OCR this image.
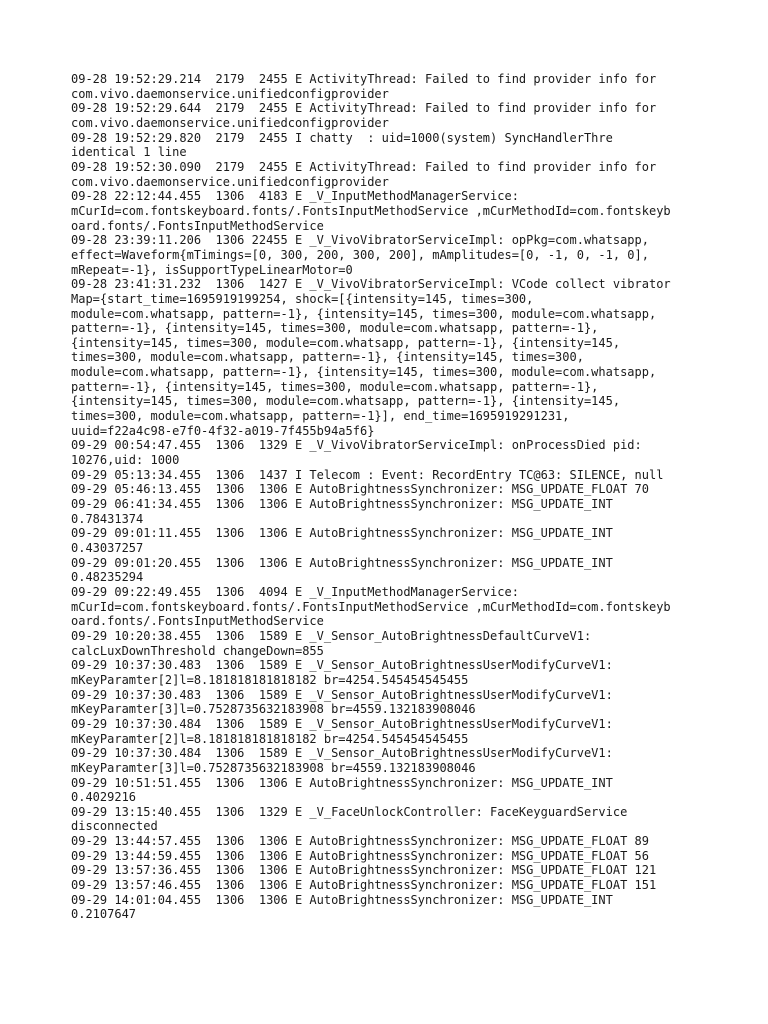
09-28 19:52:29.214  2179  2455 E ActivityThread: Failed to find provider info for
com.vivo.daemonservice.unifiedconfigprovider
09-28 19:52:29.644  2179  2455 E ActivityThread: Failed to find provider info for
com.vivo.daemonservice.unifiedconfigprovider
09-28 19:52:29.820  2179  2455 I chatty  : uid=1000(system) SyncHandlerThre
identical 1 line
09-28 19:52:30.090  2179  2455 E ActivityThread: Failed to find provider info for
com.vivo.daemonservice.unifiedconfigprovider
09-28 22:12:44.455  1306  4183 E _V_InputMethodManagerService:
mCurId=com.fontskeyboard.fonts/.FontsInputMethodService ,mCurMethodId=com.fontskeyb
oard.fonts/.FontsInputMethodService
09-28 23:39:11.206  1306 22455 E _V_VivoVibratorServiceImpl: opPkg=com.whatsapp,
effect=Waveform{mTimings=[0, 300, 200, 300, 200], mAmplitudes=[0, -1, 0, -1, 0],
mRepeat=-1}, isSupportTypeLinearMotor=0
09-28 23:41:31.232  1306  1427 E _V_VivoVibratorServiceImpl: VCode collect vibrator
Map={start_time=1695919199254, shock=[{intensity=145, times=300,
module=com.whatsapp, pattern=-1}, {intensity=145, times=300, module=com.whatsapp,
pattern=-1}, {intensity=145, times=300, module=com.whatsapp, pattern=-1},
{intensity=145, times=300, module=com.whatsapp, pattern=-1}, {intensity=145,
times=300, module=com.whatsapp, pattern=-1}, {intensity=145, times=300,
module=com.whatsapp, pattern=-1}, {intensity=145, times=300, module=com.whatsapp,
pattern=-1}, {intensity=145, times=300, module=com.whatsapp, pattern=-1},
{intensity=145, times=300, module=com.whatsapp, pattern=-1}, {intensity=145,
times=300, module=com.whatsapp, pattern=-1}], end_time=1695919291231,
uuid=f22a4c98-e7f0-4f32-a019-7f455b94a5f6}
09-29 00:54:47.455  1306  1329 E _V_VivoVibratorServiceImpl: onProcessDied pid:
10276,uid: 1000
09-29 05:13:34.455  1306  1437 I Telecom : Event: RecordEntry TC@63: SILENCE, null
09-29 05:46:13.455  1306  1306 E AutoBrightnessSynchronizer: MSG_UPDATE_FLOAT 70
09-29 06:41:34.455  1306  1306 E AutoBrightnessSynchronizer: MSG_UPDATE_INT
0.78431374
09-29 09:01:11.455  1306  1306 E AutoBrightnessSynchronizer: MSG_UPDATE_INT
0.43037257
09-29 09:01:20.455  1306  1306 E AutoBrightnessSynchronizer: MSG_UPDATE_INT
0.48235294
09-29 09:22:49.455  1306  4094 E _V_InputMethodManagerService:
mCurId=com.fontskeyboard.fonts/.FontsInputMethodService ,mCurMethodId=com.fontskeyb
oard.fonts/.FontsInputMethodService
09-29 10:20:38.455  1306  1589 E _V_Sensor_AutoBrightnessDefaultCurveV1:
calcLuxDownThreshold changeDown=855
09-29 10:37:30.483  1306  1589 E _V_Sensor_AutoBrightnessUserModifyCurveV1:
mKeyParamter[2]l=8.181818181818182 br=4254.545454545455
09-29 10:37:30.483  1306  1589 E _V_Sensor_AutoBrightnessUserModifyCurveV1:
mKeyParamter[3]l=0.7528735632183908 br=4559.132183908046
09-29 10:37:30.484  1306  1589 E _V_Sensor_AutoBrightnessUserModifyCurveV1:
mKeyParamter[2]l=8.181818181818182 br=4254.545454545455
09-29 10:37:30.484  1306  1589 E _V_Sensor_AutoBrightnessUserModifyCurveV1:
mKeyParamter[3]l=0.7528735632183908 br=4559.132183908046
09-29 10:51:51.455  1306  1306 E AutoBrightnessSynchronizer: MSG_UPDATE_INT
0.4029216
09-29 13:15:40.455  1306  1329 E _V_FaceUnlockController: FaceKeyguardService
disconnected
09-29 13:44:57.455  1306  1306 E AutoBrightnessSynchronizer: MSG_UPDATE_FLOAT 89
09-29 13:44:59.455  1306  1306 E AutoBrightnessSynchronizer: MSG_UPDATE_FLOAT 56
09-29 13:57:36.455  1306  1306 E AutoBrightnessSynchronizer: MSG_UPDATE_FLOAT 121
09-29 13:57:46.455  1306  1306 E AutoBrightnessSynchronizer: MSG_UPDATE_FLOAT 151
09-29 14:01:04.455  1306  1306 E AutoBrightnessSynchronizer: MSG_UPDATE_INT
0.2107647
